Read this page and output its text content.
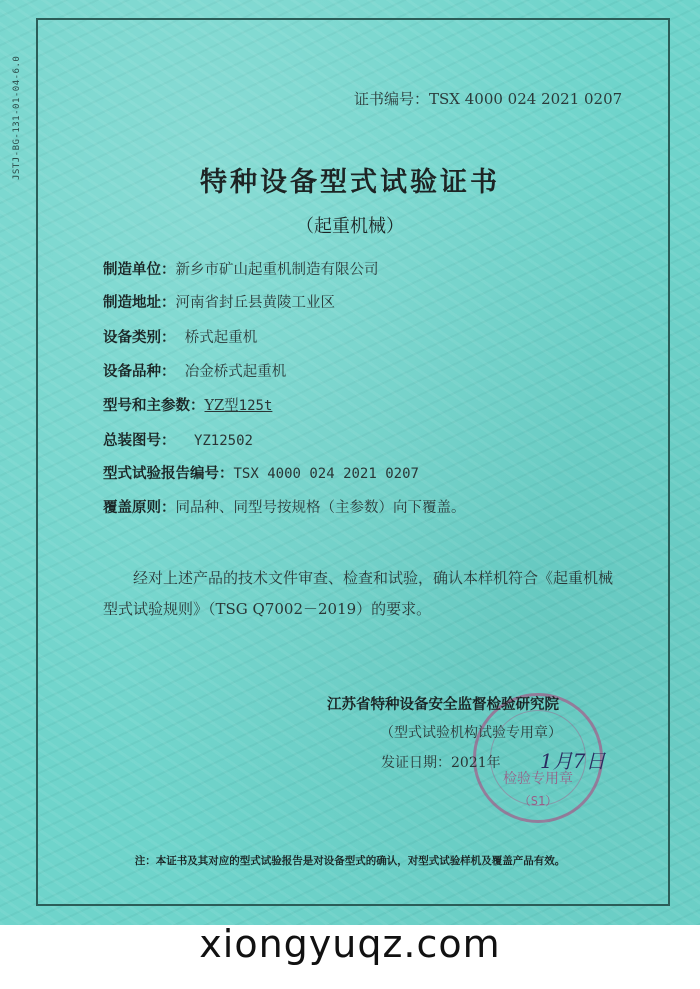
JSTJ-BG-131-01-04-6.0	证书编号：TSX 4000 024 2021 0207
特种设备型式试验证书
（起重机械）
制造单位：新乡市矿山起重机制造有限公司
制造地址：河南省封丘县黄陵工业区
设备类别： 桥式起重机
设备品种： 冶金桥式起重机
型号和主参数：YZ型125t
总装图号： YZ12502
型式试验报告编号：TSX 4000 024 2021 0207
覆盖原则：同品种、同型号按规格（主参数）向下覆盖。
经对上述产品的技术文件审查、检查和试验，确认本样机符合《起重机械型式试验规则》（TSG Q7002－2019）的要求。
检验专用章
（S1）
江苏省特种设备安全监督检验研究院
（型式试验机构试验专用章）
发证日期：2021年 1月7日
注：本证书及其对应的型式试验报告是对设备型式的确认，对型式试验样机及覆盖产品有效。
xiongyuqz.com
